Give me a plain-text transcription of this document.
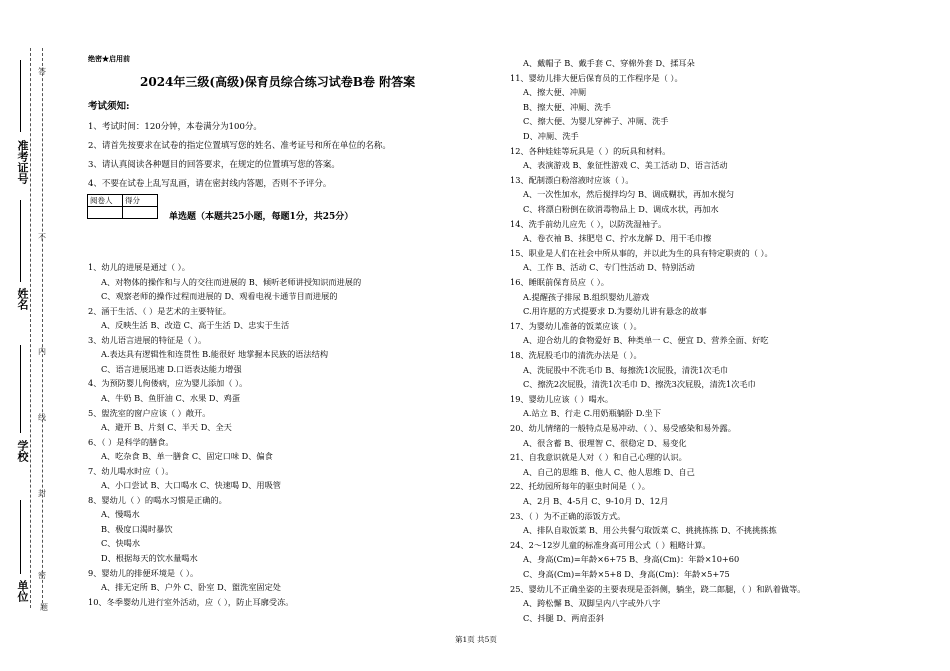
答
不
内
线
封
密
题
准考证号
姓名
学校
单位
绝密★启用前
2024年三级(高级)保育员综合练习试卷B卷 附答案
考试须知:
1、考试时间：120分钟，本卷满分为100分。
2、请首先按要求在试卷的指定位置填写您的姓名、准考证号和所在单位的名称。
3、请认真阅读各种题目的回答要求，在规定的位置填写您的答案。
4、不要在试卷上乱写乱画，请在密封线内答题，否则不予评分。
阅卷人	得分

单选题（本题共25小题，每题1分，共25分）
1、幼儿的进展是通过（ ）。
A、对物体的操作和与人的交往而进展的 B、倾听老师讲授知识而进展的
C、观察老师的操作过程而进展的 D、观看电视卡通节目而进展的
2、涵于生活、（ ）是艺术的主要特征。
A、反映生活 B、改造 C、高于生活 D、忠实于生活
3、幼儿语言进展的特征是（ ）。
A.表达具有逻辑性和连贯性 B.能很好 地掌握本民族的语法结构
C、语言进展迅速 D.口语表达能力增强
4、为预防婴儿佝偻病，应为婴儿添加（ ）。
A、牛奶 B、鱼肝油 C、水果 D、鸡蛋
5、盥洗室的窗户应该（ ）敞开。
A、避开 B、片刻 C、半天 D、全天
6、（ ）是科学的膳食。
A、吃杂食 B、单一膳食 C、固定口味 D、偏食
7、幼儿喝水时应（ ）。
A、小口尝试 B、大口喝水 C、快速喝 D、用吸管
8、婴幼儿（ ）的喝水习惯是正确的。
A、慢喝水
B、极度口渴时暴饮
C、快喝水
D、根据每天的饮水量喝水
9、婴幼儿的排便环境是（ ）。
A、排无定所 B、户外 C、卧室 D、盥洗室固定处
10、冬季婴幼儿进行室外活动，应（ ），防止耳廓受冻。
A、戴帽子 B、戴手套 C、穿棉外套 D、揉耳朵
11、婴幼儿排大便后保育员的工作程序是（ ）。
A、擦大便、冲厕
B、擦大便、冲厕、洗手
C、擦大便、为婴儿穿裤子、冲厕、洗手
D、冲厕、洗手
12、各种娃娃等玩具是（ ）的玩具和材料。
A、表演游戏 B、象征性游戏 C、美工活动 D、语言活动
13、配制漂白粉溶液时应该（ ）。
A、一次性加水，然后搅拌均匀 B、调成糊状，再加水搅匀
C、将漂白粉倒在欲消毒物品上 D、调成水状，再加水
14、洗手前幼儿应先（ ），以防洗湿袖子。
A、卷衣袖 B、抹肥皂 C、拧水龙解 D、用干毛巾擦
15、职业是人们在社会中所从事的，并以此为生的具有特定职责的（ ）。
A、工作 B、活动 C、专门性活动 D、特别活动
16、睡眠前保育员应（ ）。
A.提醒孩子排尿 B.组织婴幼儿游戏
C.用许愿的方式提要求 D.为婴幼儿讲有悬念的故事
17、为婴幼儿准备的饭菜应该（ ）。
A、迎合幼儿的食物爱好 B、种类单一 C、便宜 D、营养全面、好吃
18、洗屁股毛巾的清洗办法是（ ）。
A、洗屁股中不洗毛巾 B、每擦洗1次屁股，清洗1次毛巾
C、擦洗2次屁股，清洗1次毛巾 D、擦洗3次屁股，清洗1次毛巾
19、婴幼儿应该（ ）喝水。
A.站立 B、行走 C.用奶瓶躺卧 D.坐下
20、幼儿情绪的一般特点是易冲动、（ ）、易受感染和易外露。
A、很含蓄 B、很理智 C、很稳定 D、易变化
21、自我意识就是人对（ ）和自己心理的认识。
A、自己的思维 B、他人 C、他人思维 D、自己
22、托幼园所每年的驱虫时间是（ ）。
A、2月 B、4-5月 C、9-10月 D、12月
23、（ ）为不正确的添饭方式。
A、排队自取饭菜 B、用公共餐勺取饭菜 C、挑挑拣拣 D、不挑挑拣拣
24、2～12岁儿童的标准身高可用公式（ ）粗略计算。
A、身高(Cm)=年龄×6+75 B、身高(Cm)：年龄×10+60
C、身高(Cm)=年龄×5+8 D、身高(Cm)：年龄×5+75
25、婴幼儿不正确坐姿的主要表现是歪斜侧，躺坐，跷二郎腿，（ ）和趴着做等。
A、跨松懈 B、双脚呈内八字或外八字
C、抖腿 D、两肩歪斜
第1页 共5页
